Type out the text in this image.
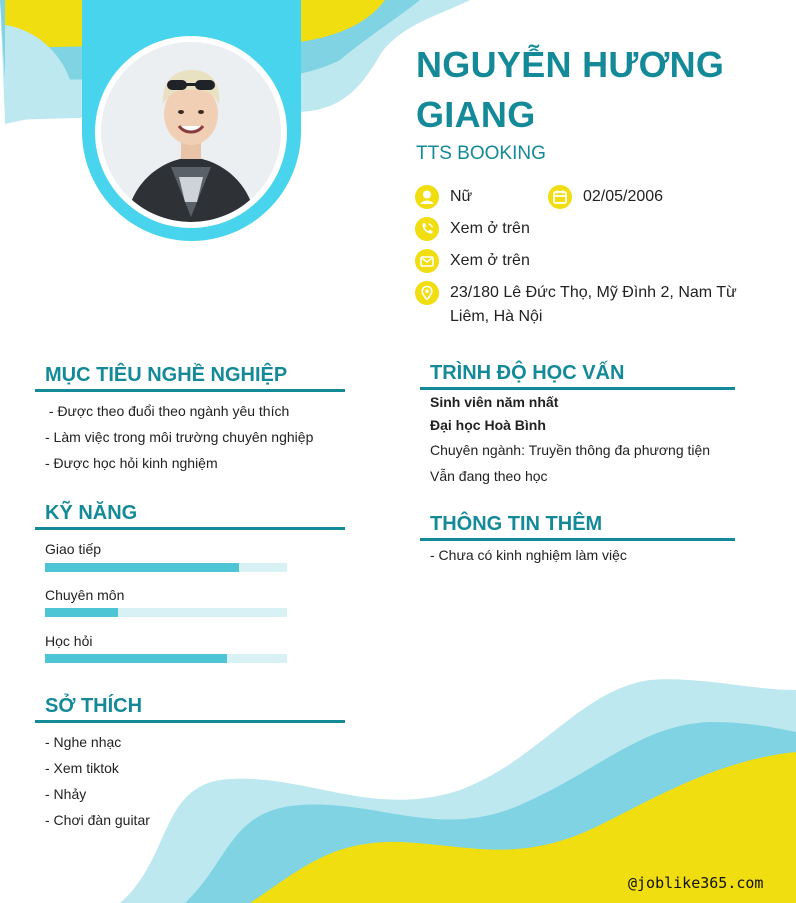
NGUYỄN HƯƠNG GIANG
TTS BOOKING
Nữ	02/05/2006
Xem ở trên
Xem ở trên
23/180 Lê Đức Thọ, Mỹ Đình 2, Nam Từ Liêm, Hà Nội
MỤC TIÊU NGHỀ NGHIỆP
- Được theo đuổi theo ngành yêu thích
- Làm việc trong môi trường chuyên nghiệp
- Được học hỏi kinh nghiệm
KỸ NĂNG
Giao tiếp
Chuyên môn
Học hỏi
SỞ THÍCH
- Nghe nhạc
- Xem tiktok
- Nhảy
- Chơi đàn guitar
TRÌNH ĐỘ HỌC VẤN
Sinh viên năm nhất
Đại học Hoà Bình
Chuyên ngành: Truyền thông đa phương tiện
Vẫn đang theo học
THÔNG TIN THÊM
- Chưa có kinh nghiệm làm việc
@joblike365.com
